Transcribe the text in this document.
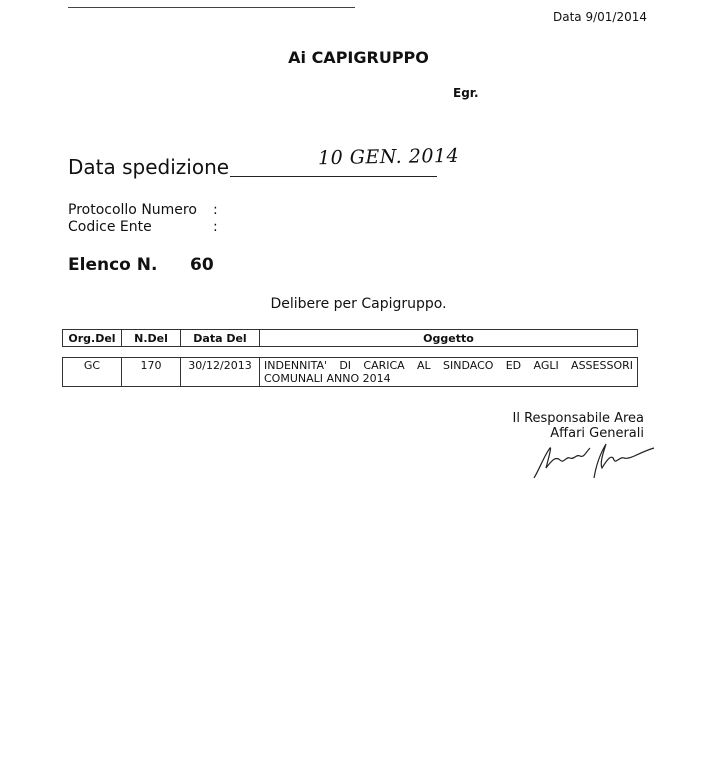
Data 9/01/2014
Ai CAPIGRUPPO
Egr.
Data spedizione	10 GEN. 2014
Protocollo Numero :
Codice Ente	:
Elenco N. 60
Delibere per Capigruppo.
Org.Del	N.Del	Data Del	Oggetto
GC	170	30/12/2013	INDENNITA' DI CARICA AL SINDACO ED AGLI ASSESSORI COMUNALI ANNO 2014
Il Responsabile Area
Affari Generali
